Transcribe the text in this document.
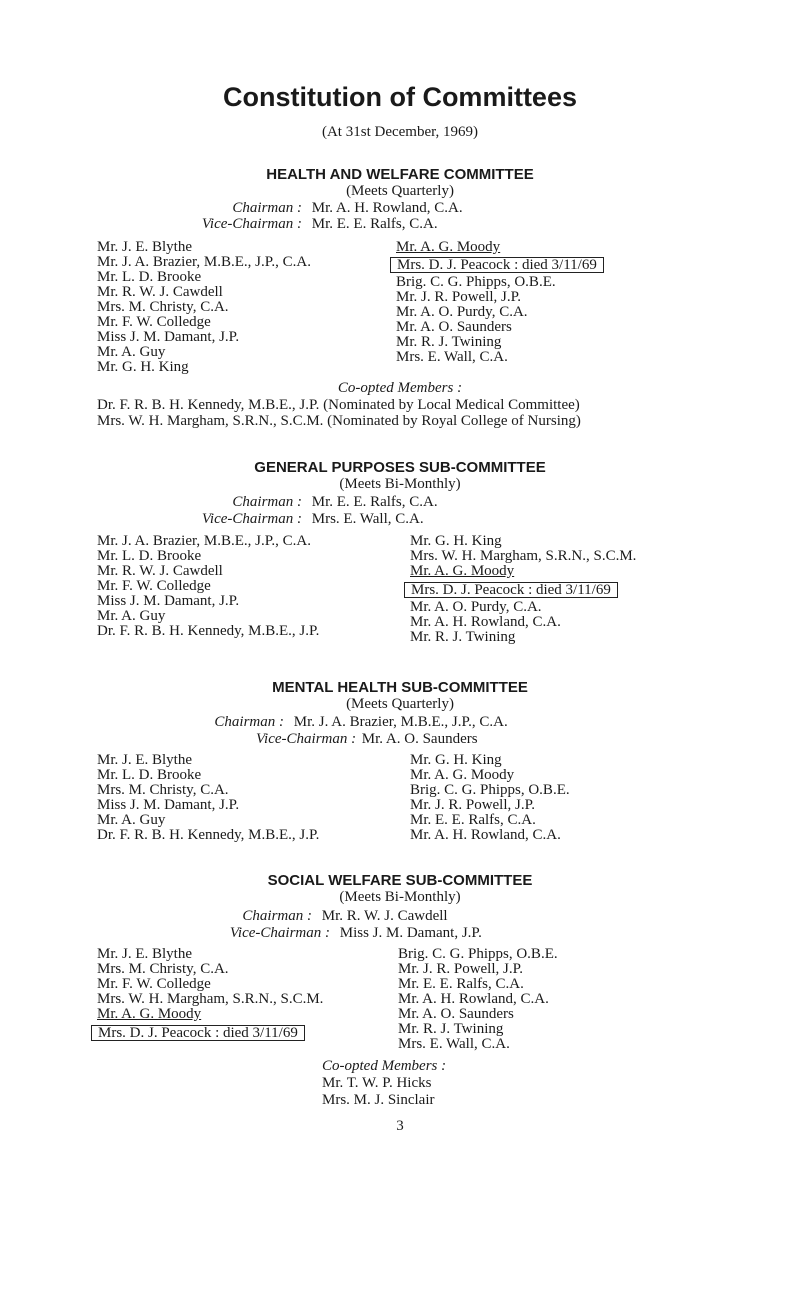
Constitution of Committees
(At 31st December, 1969)
HEALTH AND WELFARE COMMITTEE
(Meets Quarterly)
Chairman : Mr. A. H. Rowland, C.A.
Vice-Chairman : Mr. E. E. Ralfs, C.A.
Mr. J. E. Blythe
Mr. J. A. Brazier, M.B.E., J.P., C.A.
Mr. L. D. Brooke
Mr. R. W. J. Cawdell
Mrs. M. Christy, C.A.
Mr. F. W. Colledge
Miss J. M. Damant, J.P.
Mr. A. Guy
Mr. G. H. King
Mr. A. G. Moody
Mrs. D. J. Peacock : died 3/11/69
Brig. C. G. Phipps, O.B.E.
Mr. J. R. Powell, J.P.
Mr. A. O. Purdy, C.A.
Mr. A. O. Saunders
Mr. R. J. Twining
Mrs. E. Wall, C.A.
Co-opted Members :
Dr. F. R. B. H. Kennedy, M.B.E., J.P. (Nominated by Local Medical Committee)
Mrs. W. H. Margham, S.R.N., S.C.M. (Nominated by Royal College of Nursing)
GENERAL PURPOSES SUB-COMMITTEE
(Meets Bi-Monthly)
Chairman : Mr. E. E. Ralfs, C.A.
Vice-Chairman : Mrs. E. Wall, C.A.
Mr. J. A. Brazier, M.B.E., J.P., C.A.
Mr. L. D. Brooke
Mr. R. W. J. Cawdell
Mr. F. W. Colledge
Miss J. M. Damant, J.P.
Mr. A. Guy
Dr. F. R. B. H. Kennedy, M.B.E., J.P.
Mr. G. H. King
Mrs. W. H. Margham, S.R.N., S.C.M.
Mr. A. G. Moody
Mrs. D. J. Peacock : died 3/11/69
Mr. A. O. Purdy, C.A.
Mr. A. H. Rowland, C.A.
Mr. R. J. Twining
MENTAL HEALTH SUB-COMMITTEE
(Meets Quarterly)
Chairman : Mr. J. A. Brazier, M.B.E., J.P., C.A.
Vice-Chairman : Mr. A. O. Saunders
Mr. J. E. Blythe
Mr. L. D. Brooke
Mrs. M. Christy, C.A.
Miss J. M. Damant, J.P.
Mr. A. Guy
Dr. F. R. B. H. Kennedy, M.B.E., J.P.
Mr. G. H. King
Mr. A. G. Moody
Brig. C. G. Phipps, O.B.E.
Mr. J. R. Powell, J.P.
Mr. E. E. Ralfs, C.A.
Mr. A. H. Rowland, C.A.
SOCIAL WELFARE SUB-COMMITTEE
(Meets Bi-Monthly)
Chairman : Mr. R. W. J. Cawdell
Vice-Chairman : Miss J. M. Damant, J.P.
Mr. J. E. Blythe
Mrs. M. Christy, C.A.
Mr. F. W. Colledge
Mrs. W. H. Margham, S.R.N., S.C.M.
Mr. A. G. Moody
Mrs. D. J. Peacock : died 3/11/69
Brig. C. G. Phipps, O.B.E.
Mr. J. R. Powell, J.P.
Mr. E. E. Ralfs, C.A.
Mr. A. H. Rowland, C.A.
Mr. A. O. Saunders
Mr. R. J. Twining
Mrs. E. Wall, C.A.
Co-opted Members :
Mr. T. W. P. Hicks
Mrs. M. J. Sinclair
3
